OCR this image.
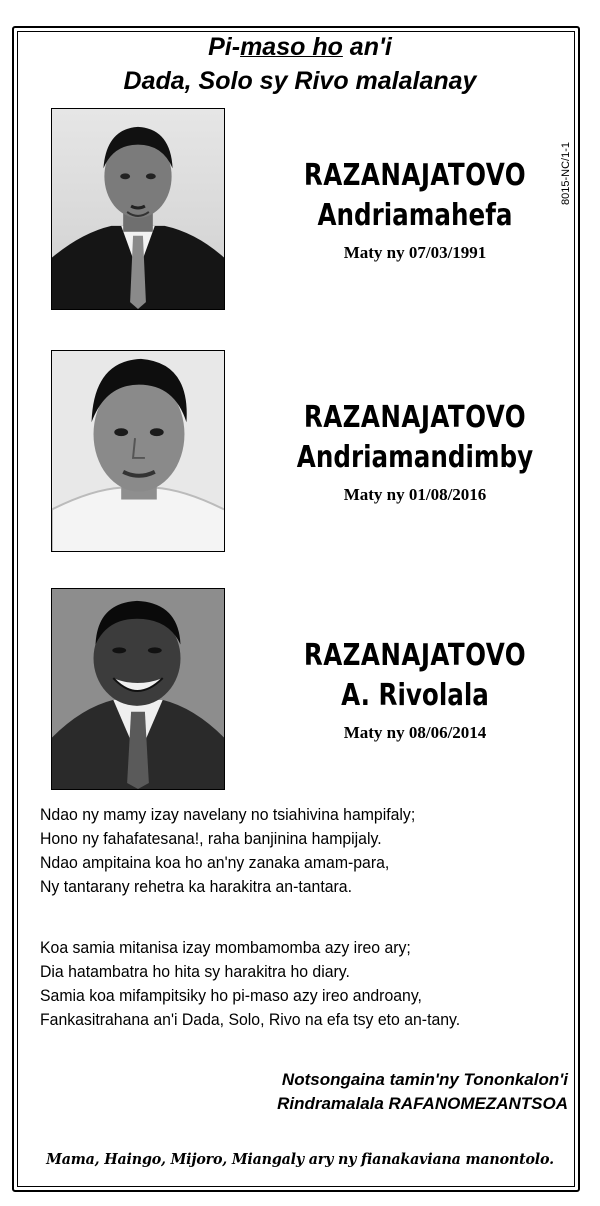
Pi-maso ho an'i
Dada, Solo sy Rivo malalanay
8015-NC/1-1
RAZANAJATOVO
Andriamahefa
Maty ny 07/03/1991
RAZANAJATOVO
Andriamandimby
Maty ny 01/08/2016
RAZANAJATOVO
A. Rivolala
Maty ny 08/06/2014
Ndao ny mamy izay navelany no tsiahivina hampifaly;
Hono ny fahafatesana!, raha banjinina hampijaly.
Ndao ampitaina koa ho an'ny zanaka amam-para,
Ny tantarany rehetra ka harakitra an-tantara.
Koa samia mitanisa izay mombamomba azy ireo ary;
Dia hatambatra ho hita sy harakitra ho diary.
Samia koa mifampitsiky ho pi-maso azy ireo androany,
Fankasitrahana an'i Dada, Solo, Rivo na efa tsy eto an-tany.
Notsongaina tamin'ny Tononkalon'i
Rindramalala RAFANOMEZANTSOA
Mama, Haingo, Mijoro, Miangaly ary ny fianakaviana manontolo.
